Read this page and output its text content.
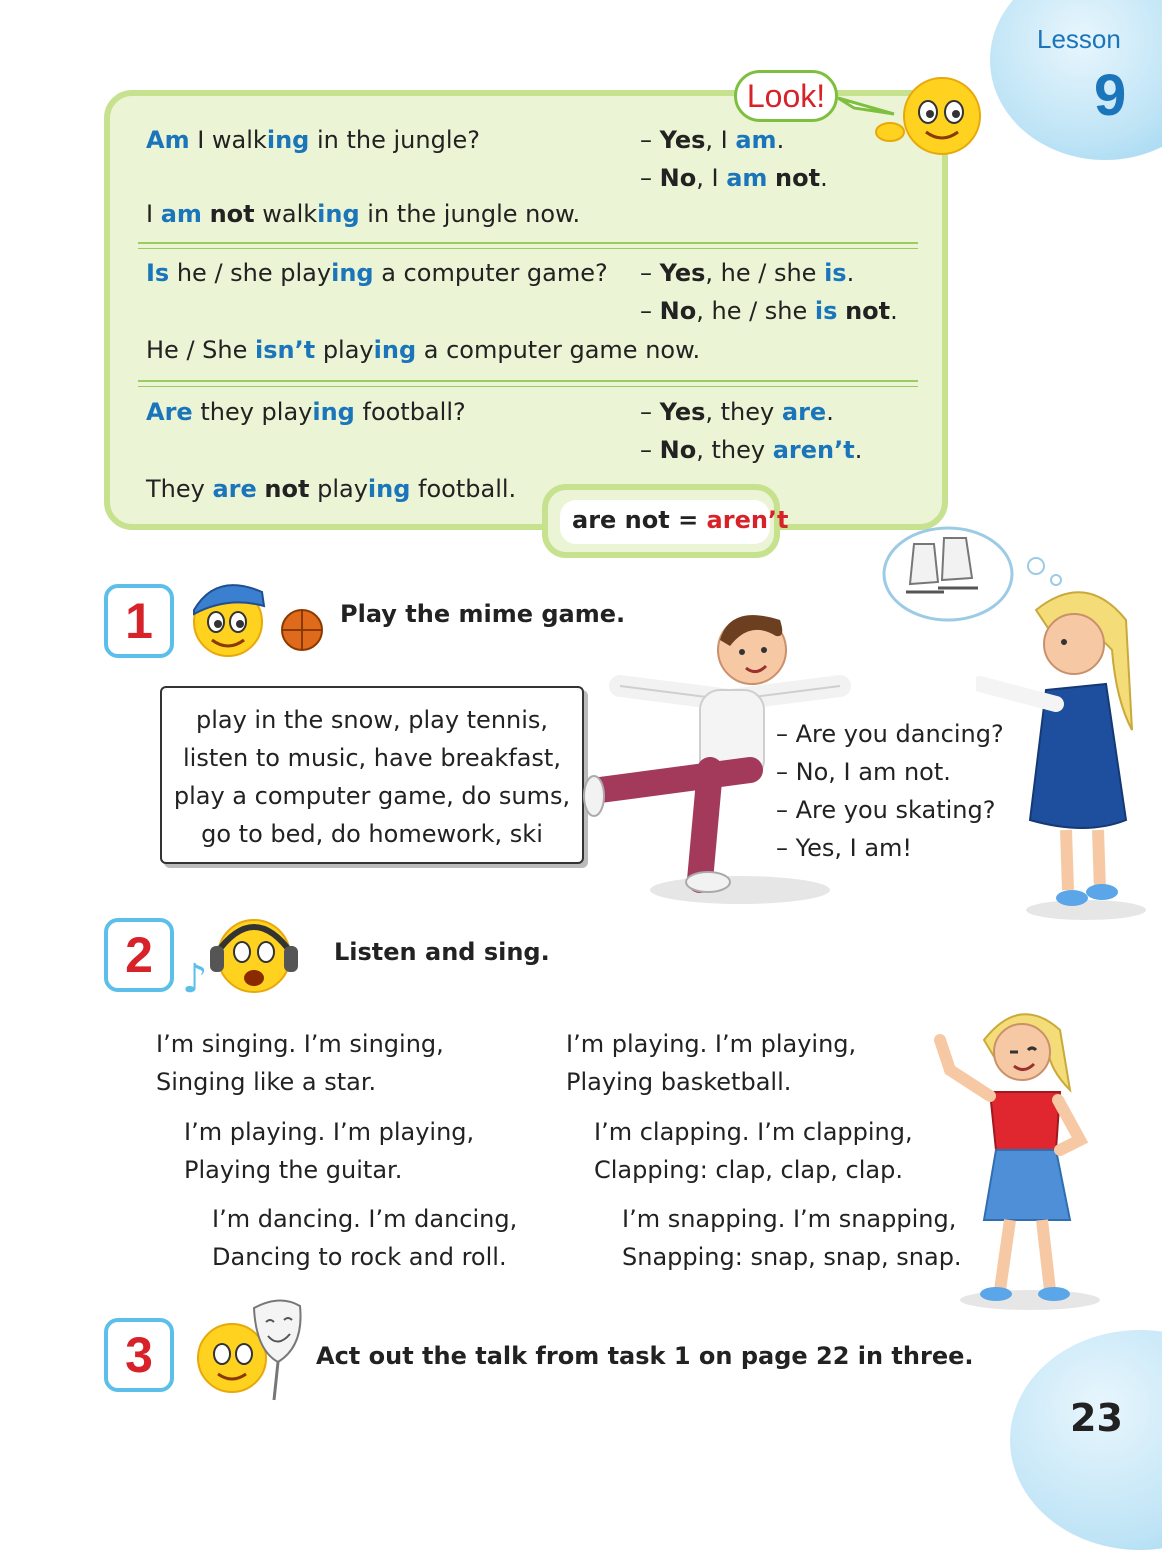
Lesson
9
Look!
Am I walking in the jungle?	– Yes, I am.
– No, I am not.
I am not walking in the jungle now.
Is he / she playing a computer game? – Yes, he / she is.
– No, he / she is not.
He / She isn’t playing a computer game now.
Are they playing football?	– Yes, they are.
– No, they aren’t.
They are not playing football.
are not = aren’t
1	Play the mime game.
play in the snow, play tennis,
listen to music, have breakfast,
play a computer game, do sums,
go to bed, do homework, ski
– Are you dancing?
– No, I am not.
– Are you skating?
– Yes, I am!
2 ♪
Listen and sing.
I’m singing. I’m singing,
Singing like a star.
I’m playing. I’m playing,
Playing the guitar.
I’m dancing. I’m dancing,
Dancing to rock and roll.
I’m playing. I’m playing,
Playing basketball.
I’m clapping. I’m clapping,
Clapping: clap, clap, clap.
I’m snapping. I’m snapping,
Snapping: snap, snap, snap.
3	Act out the talk from task 1 on page 22 in three.
23
